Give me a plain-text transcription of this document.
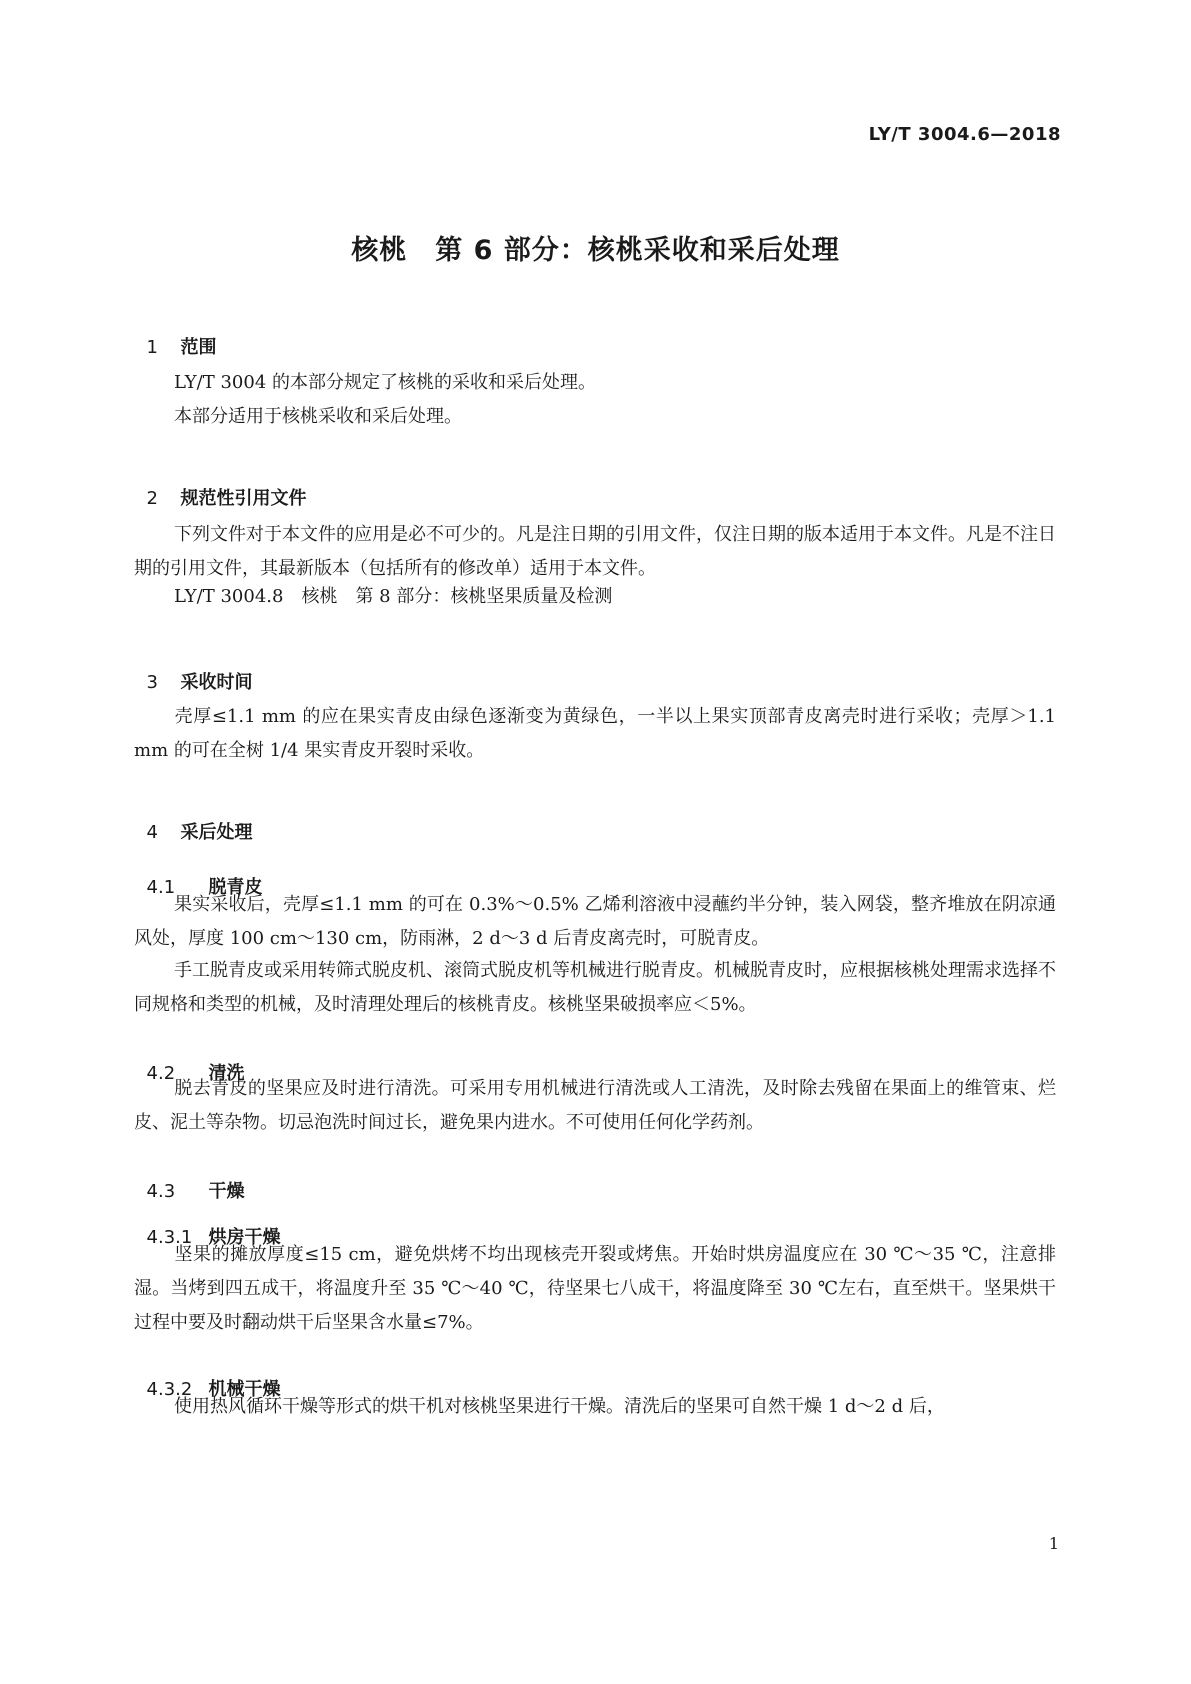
LY/T 3004.6—2018
核桃　第 6 部分：核桃采收和采后处理

1 范围

LY/T 3004 的本部分规定了核桃的采收和采后处理。
本部分适用于核桃采收和采后处理。

2 规范性引用文件

下列文件对于本文件的应用是必不可少的。凡是注日期的引用文件，仅注日期的版本适用于本文件。凡是不注日期的引用文件，其最新版本（包括所有的修改单）适用于本文件。
LY/T 3004.8　核桃　第 8 部分：核桃坚果质量及检测

3 采收时间

壳厚≤1.1 mm 的应在果实青皮由绿色逐渐变为黄绿色，一半以上果实顶部青皮离壳时进行采收；壳厚＞1.1 mm 的可在全树 1/4 果实青皮开裂时采收。

4 采后处理

4.1 脱青皮

果实采收后，壳厚≤1.1 mm 的可在 0.3%～0.5% 乙烯利溶液中浸蘸约半分钟，装入网袋，整齐堆放在阴凉通风处，厚度 100 cm～130 cm，防雨淋，2 d～3 d 后青皮离壳时，可脱青皮。
手工脱青皮或采用转筛式脱皮机、滚筒式脱皮机等机械进行脱青皮。机械脱青皮时，应根据核桃处理需求选择不同规格和类型的机械，及时清理处理后的核桃青皮。核桃坚果破损率应＜5%。

4.2 清洗

脱去青皮的坚果应及时进行清洗。可采用专用机械进行清洗或人工清洗，及时除去残留在果面上的维管束、烂皮、泥土等杂物。切忌泡洗时间过长，避免果内进水。不可使用任何化学药剂。

4.3 干燥

4.3.1 烘房干燥

坚果的摊放厚度≤15 cm，避免烘烤不均出现核壳开裂或烤焦。开始时烘房温度应在 30 ℃～35 ℃，注意排湿。当烤到四五成干，将温度升至 35 ℃～40 ℃，待坚果七八成干，将温度降至 30 ℃左右，直至烘干。坚果烘干过程中要及时翻动烘干后坚果含水量≤7%。

4.3.2 机械干燥

使用热风循环干燥等形式的烘干机对核桃坚果进行干燥。清洗后的坚果可自然干燥 1 d～2 d 后，
1
